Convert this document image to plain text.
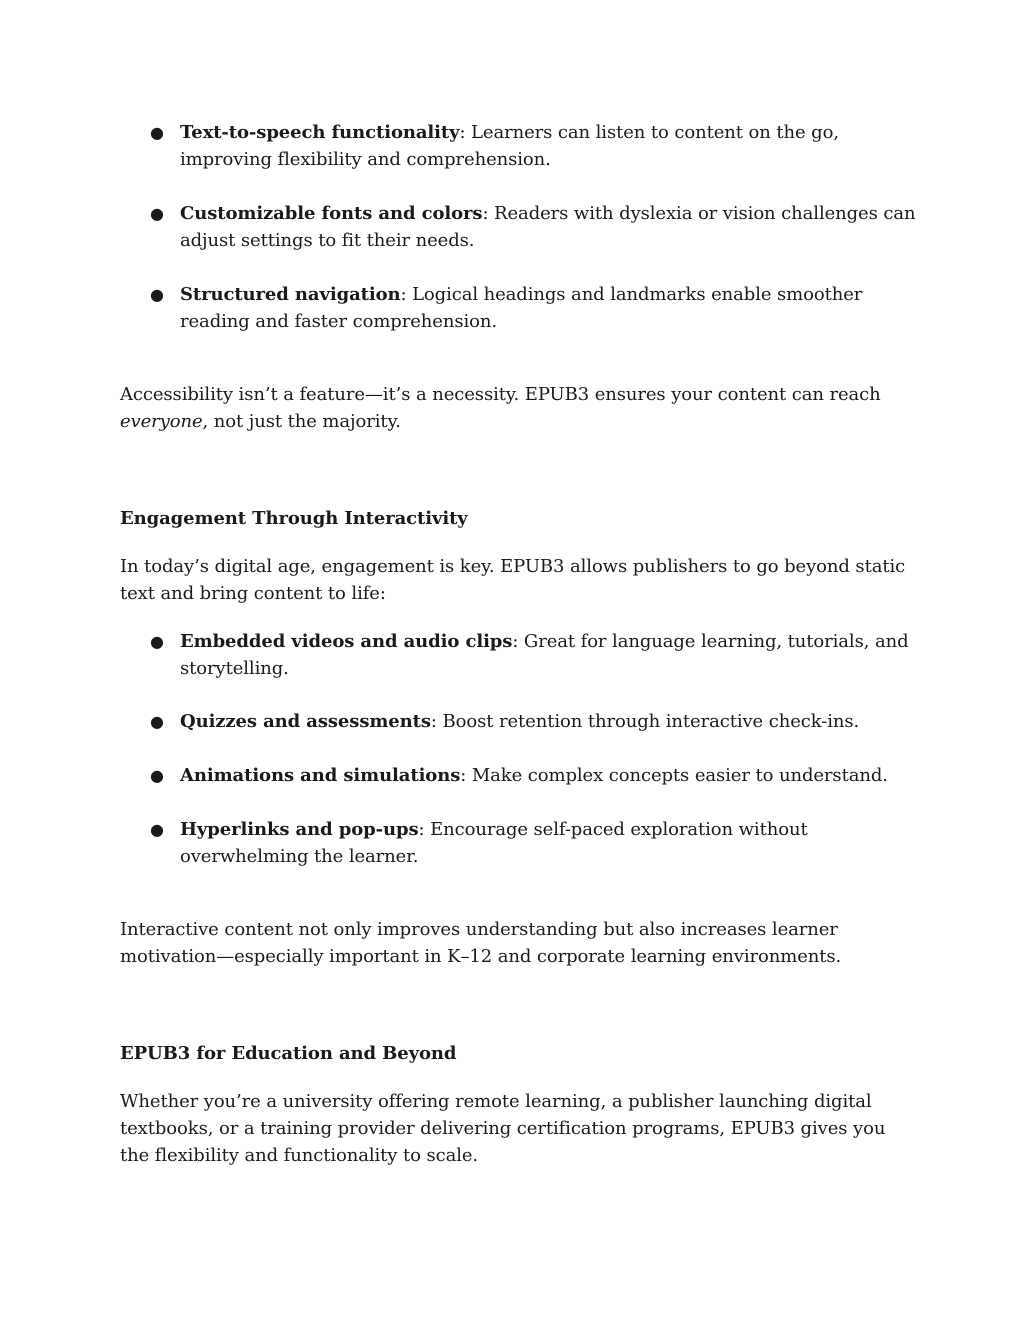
● Text-to-speech functionality: Learners can listen to content on the go, improving flexibility and comprehension.
● Customizable fonts and colors: Readers with dyslexia or vision challenges can adjust settings to fit their needs.
● Structured navigation: Logical headings and landmarks enable smoother reading and faster comprehension.
Accessibility isn’t a feature—it’s a necessity. EPUB3 ensures your content can reach everyone, not just the majority.
Engagement Through Interactivity
In today’s digital age, engagement is key. EPUB3 allows publishers to go beyond static text and bring content to life:
● Embedded videos and audio clips: Great for language learning, tutorials, and storytelling.
● Quizzes and assessments: Boost retention through interactive check-ins.
● Animations and simulations: Make complex concepts easier to understand.
● Hyperlinks and pop-ups: Encourage self-paced exploration without overwhelming the learner.
Interactive content not only improves understanding but also increases learner motivation—especially important in K–12 and corporate learning environments.
EPUB3 for Education and Beyond
Whether you’re a university offering remote learning, a publisher launching digital textbooks, or a training provider delivering certification programs, EPUB3 gives you the flexibility and functionality to scale.
